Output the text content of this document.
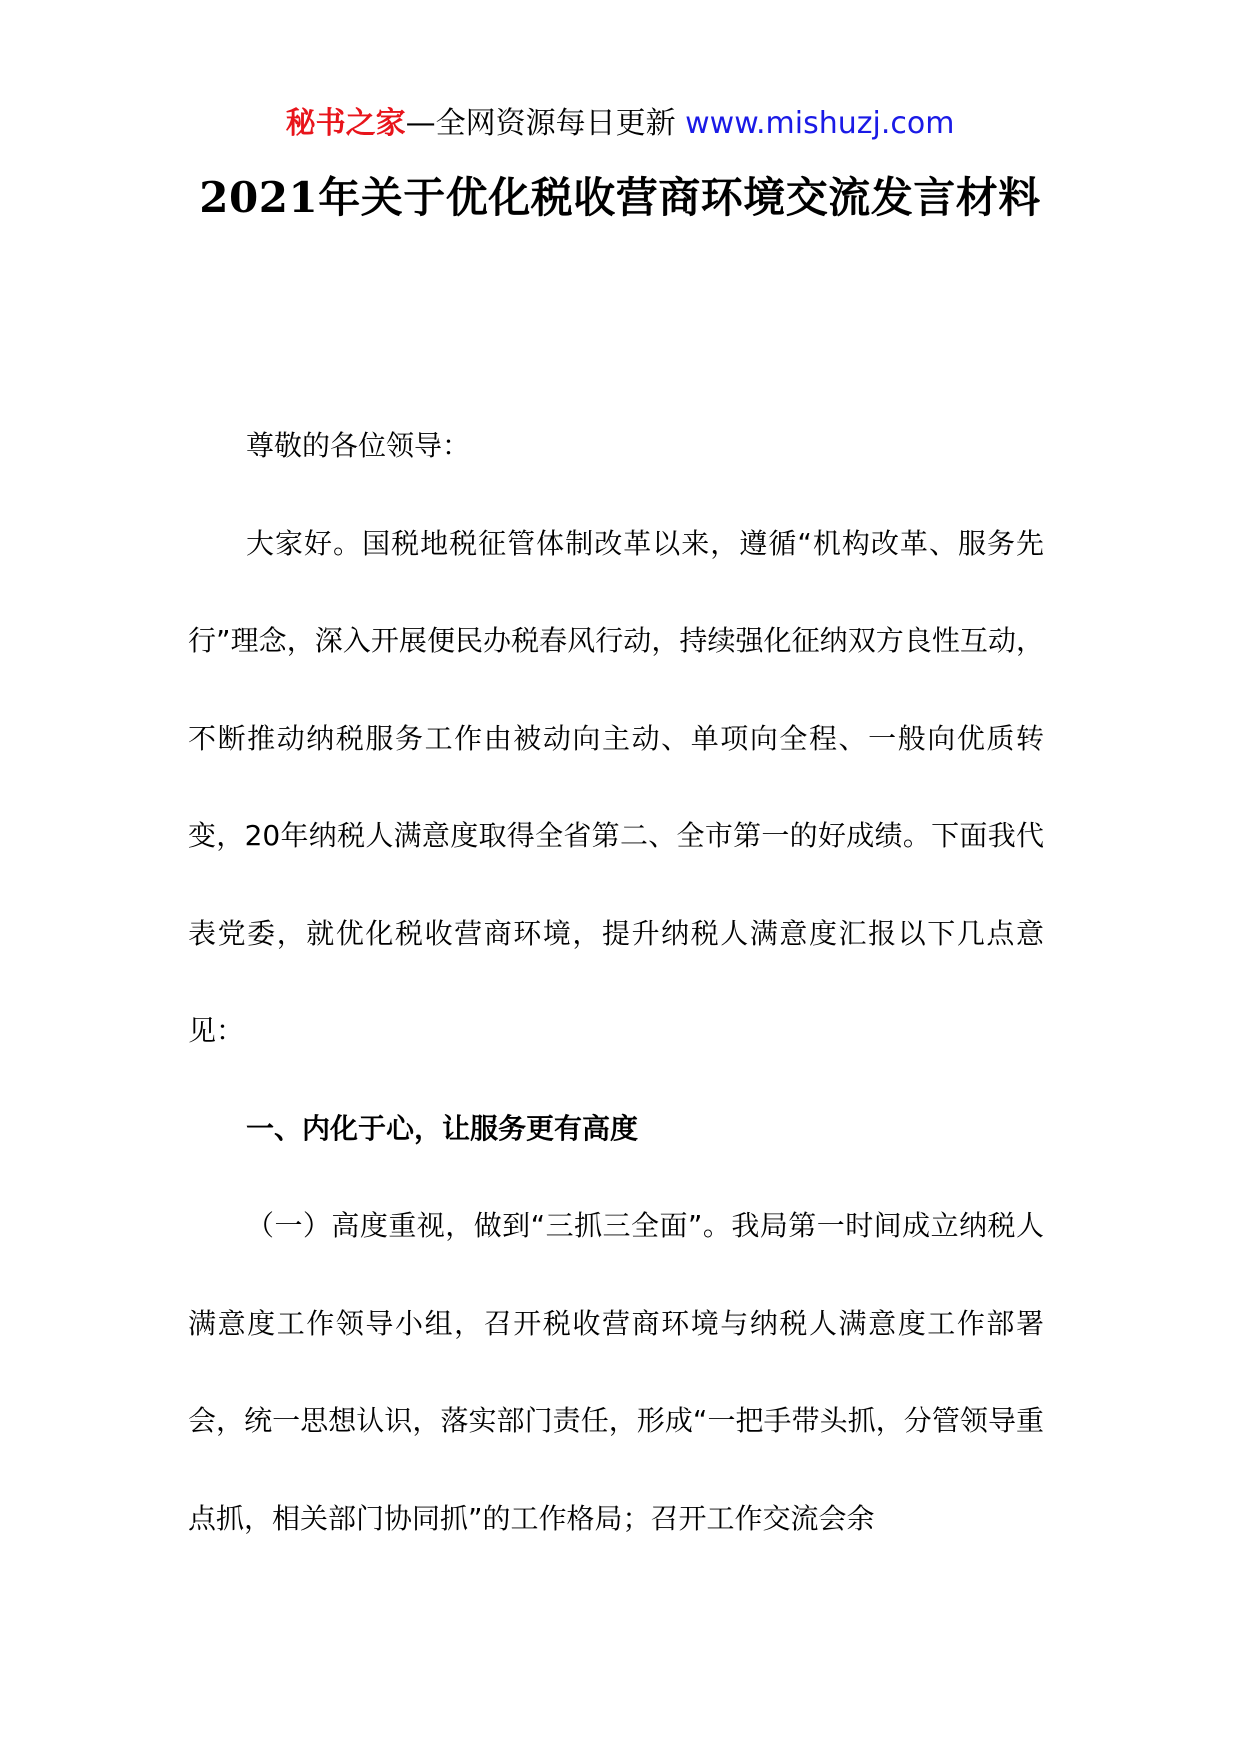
秘书之家—全网资源每日更新 www.mishuzj.com
2021年关于优化税收营商环境交流发言材料

尊敬的各位领导：

大家好。国税地税征管体制改革以来，遵循“机构改革、服务先行”理念，深入开展便民办税春风行动，持续强化征纳双方良性互动，不断推动纳税服务工作由被动向主动、单项向全程、一般向优质转变，20年纳税人满意度取得全省第二、全市第一的好成绩。下面我代表党委，就优化税收营商环境，提升纳税人满意度汇报以下几点意见：

一、内化于心，让服务更有高度

（一）高度重视，做到“三抓三全面”。我局第一时间成立纳税人满意度工作领导小组，召开税收营商环境与纳税人满意度工作部署会，统一思想认识，落实部门责任，形成“一把手带头抓，分管领导重点抓，相关部门协同抓”的工作格局；召开工作交流会余
